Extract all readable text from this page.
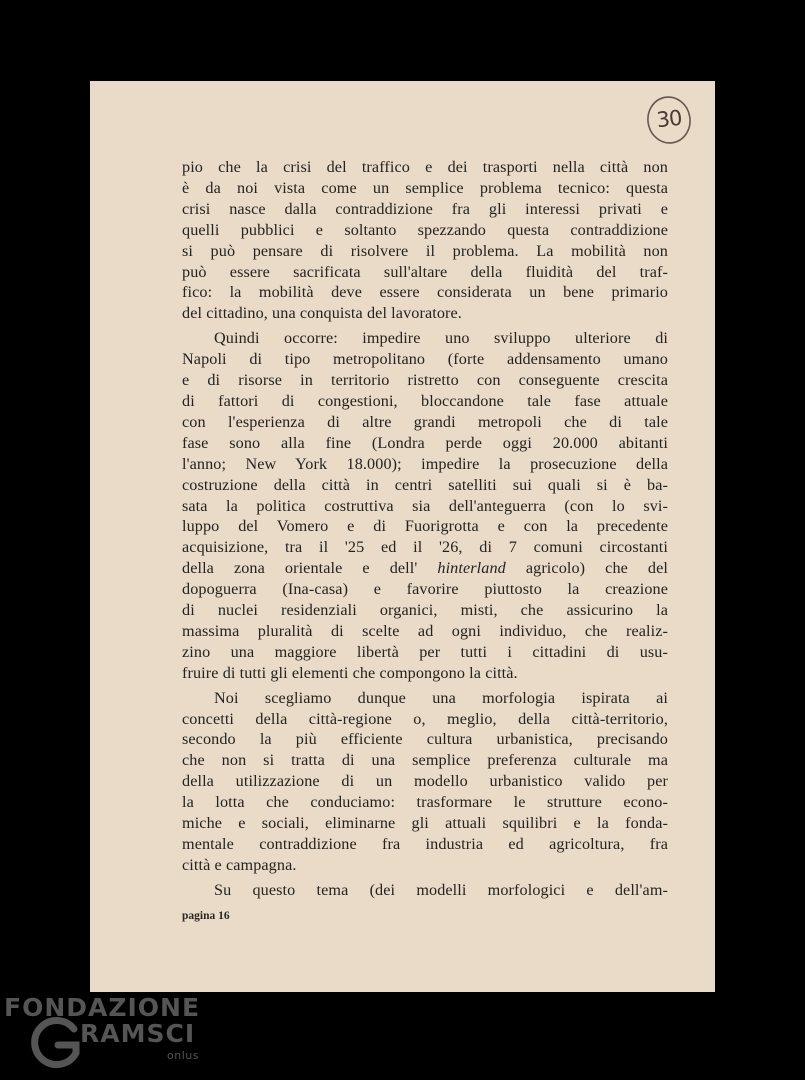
30

pio che la crisi del traffico e dei trasporti nella città non
è da noi vista come un semplice problema tecnico: questa
crisi nasce dalla contraddizione fra gli interessi privati e
quelli pubblici e soltanto spezzando questa contraddizione
si può pensare di risolvere il problema. La mobilità non
può essere sacrificata sull'altare della fluidità del traf-
fico: la mobilità deve essere considerata un bene primario
del cittadino, una conquista del lavoratore.

Quindi occorre: impedire uno sviluppo ulteriore di
Napoli di tipo metropolitano (forte addensamento umano
e di risorse in territorio ristretto con conseguente crescita
di fattori di congestioni, bloccandone tale fase attuale
con l'esperienza di altre grandi metropoli che di tale
fase sono alla fine (Londra perde oggi 20.000 abitanti
l'anno; New York 18.000); impedire la prosecuzione della
costruzione della città in centri satelliti sui quali si è ba-
sata la politica costruttiva sia dell'anteguerra (con lo svi-
luppo del Vomero e di Fuorigrotta e con la precedente
acquisizione, tra il '25 ed il '26, di 7 comuni circostanti
della zona orientale e dell' hinterland agricolo) che del
dopoguerra (Ina-casa) e favorire piuttosto la creazione
di nuclei residenziali organici, misti, che assicurino la
massima pluralità di scelte ad ogni individuo, che realiz-
zino una maggiore libertà per tutti i cittadini di usu-
fruire di tutti gli elementi che compongono la città.

Noi scegliamo dunque una morfologia ispirata ai
concetti della città-regione o, meglio, della città-territorio,
secondo la più efficiente cultura urbanistica, precisando
che non si tratta di una semplice preferenza culturale ma
della utilizzazione di un modello urbanistico valido per
la lotta che conduciamo: trasformare le strutture econo-
miche e sociali, eliminarne gli attuali squilibri e la fonda-
mentale contraddizione fra industria ed agricoltura, fra
città e campagna.

Su questo tema (dei modelli morfologici e dell'am-

pagina 16
FONDAZIONE
RAMSCI
onlus
